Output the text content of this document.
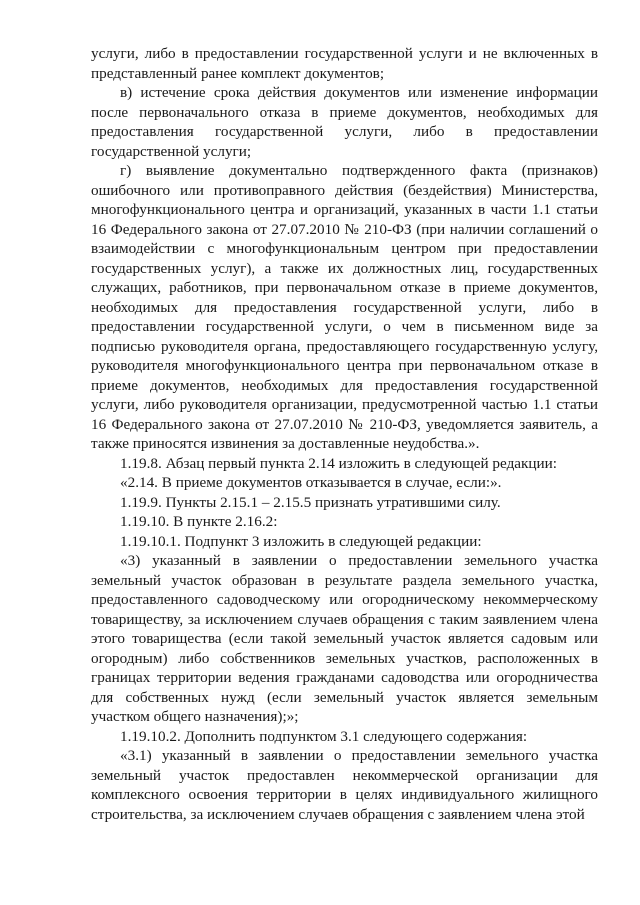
услуги, либо в предоставлении государственной услуги и не включенных в представленный ранее комплект документов;

в) истечение срока действия документов или изменение информации после первоначального отказа в приеме документов, необходимых для предоставления государственной услуги, либо в предоставлении государственной услуги;

г) выявление документально подтвержденного факта (признаков) ошибочного или противоправного действия (бездействия) Министерства, многофункционального центра и организаций, указанных в части 1.1 статьи 16 Федерального закона от 27.07.2010 № 210-ФЗ (при наличии соглашений о взаимодействии с многофункциональным центром при предоставлении государственных услуг), а также их должностных лиц, государственных служащих, работников, при первоначальном отказе в приеме документов, необходимых для предоставления государственной услуги, либо в предоставлении государственной услуги, о чем в письменном виде за подписью руководителя органа, предоставляющего государственную услугу, руководителя многофункционального центра при первоначальном отказе в приеме документов, необходимых для предоставления государственной услуги, либо руководителя организации, предусмотренной частью 1.1 статьи 16 Федерального закона от 27.07.2010 № 210-ФЗ, уведомляется заявитель, а также приносятся извинения за доставленные неудобства.».

1.19.8. Абзац первый пункта 2.14 изложить в следующей редакции:

«2.14. В приеме документов отказывается в случае, если:».

1.19.9. Пункты 2.15.1 – 2.15.5 признать утратившими силу.

1.19.10. В пункте 2.16.2:

1.19.10.1. Подпункт 3 изложить в следующей редакции:

«3) указанный в заявлении о предоставлении земельного участка земельный участок образован в результате раздела земельного участка, предоставленного садоводческому или огородническому некоммерческому товариществу, за исключением случаев обращения с таким заявлением члена этого товарищества (если такой земельный участок является садовым или огородным) либо собственников земельных участков, расположенных в границах территории ведения гражданами садоводства или огородничества для собственных нужд (если земельный участок является земельным участком общего назначения);»;

1.19.10.2. Дополнить подпунктом 3.1 следующего содержания:

«3.1) указанный в заявлении о предоставлении земельного участка земельный участок предоставлен некоммерческой организации для комплексного освоения территории в целях индивидуального жилищного строительства, за исключением случаев обращения с заявлением члена этой
